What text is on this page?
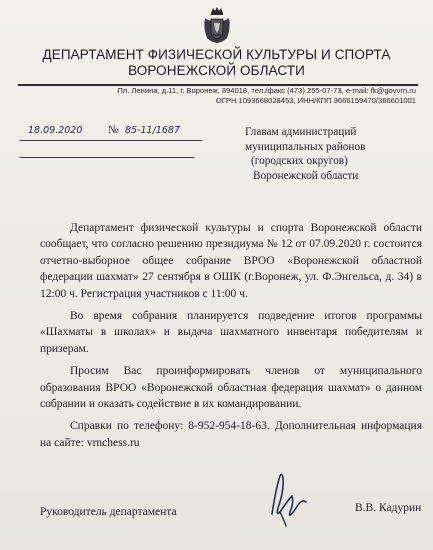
ДЕПАРТАМЕНТ ФИЗИЧЕСКОЙ КУЛЬТУРЫ И СПОРТА
ВОРОНЕЖСКОЙ ОБЛАСТИ
Пл. Ленина, д.11, г. Воронеж, 394018, тел./факс (473) 255-07-73, e-mail: fk@govvrn.ru
ОГРН 1093668028453, ИНН/КПП 3666159470/366601001
18.09.2020 № 85-11/1687	Главам администраций
муниципальных районов
(городских округов)
Воронежской области

Департамент физической культуры и спорта Воронежской области сообщает, что согласно решению президиума № 12 от 07.09.2020 г. состоится отчетно-выборное общее собрание ВРОО «Воронежской областной федерации шахмат» 27 сентября в ОШК (г.Воронеж, ул. Ф.Энгельса, д. 34) в 12:00 ч. Регистрация участников с 11:00 ч.

Во время собрания планируется подведение итогов программы «Шахматы в школах» и выдача шахматного инвентаря победителям и призерам.

Просим Вас проинформировать членов от муниципального образования ВРОО «Воронежской областная федерация шахмат» о данном собрании и оказать содействие в их командировании.

Справки по телефону: 8-952-954-18-63. Дополнительная информация на сайте: vrnchess.ru

Руководитель департамента	В.В. Кадурин
